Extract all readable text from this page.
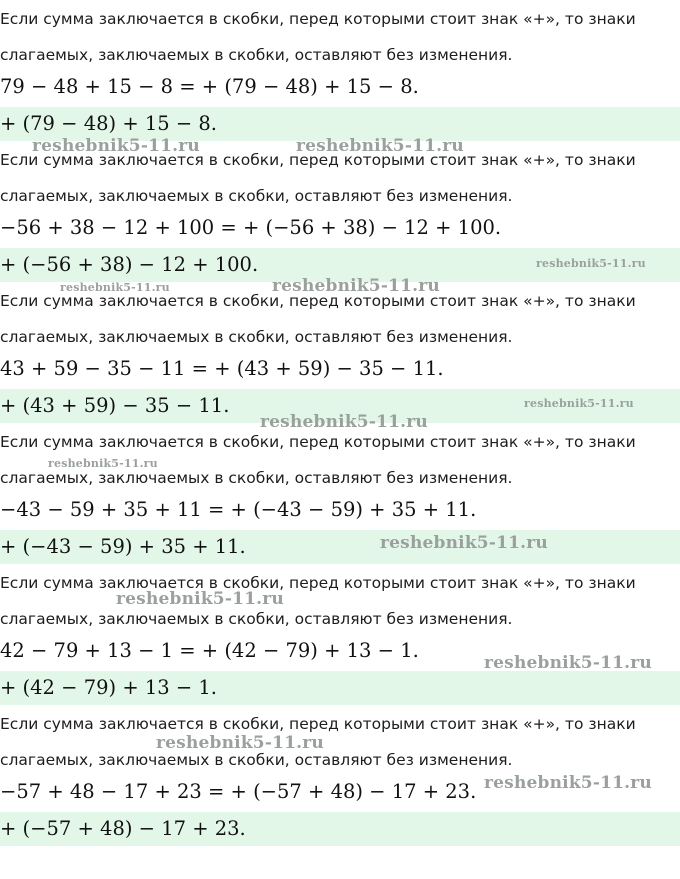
Если сумма заключается в скобки, перед которыми стоит знак «+», то знаки
слагаемых, заключаемых в скобки, оставляют без изменения.
79 − 48 + 15 − 8 = + (79 − 48) + 15 − 8.
+ (79 − 48) + 15 − 8.
Если сумма заключается в скобки, перед которыми стоит знак «+», то знаки
слагаемых, заключаемых в скобки, оставляют без изменения.
−56 + 38 − 12 + 100 = + (−56 + 38) − 12 + 100.
+ (−56 + 38) − 12 + 100.
Если сумма заключается в скобки, перед которыми стоит знак «+», то знаки
слагаемых, заключаемых в скобки, оставляют без изменения.
43 + 59 − 35 − 11 = + (43 + 59) − 35 − 11.
+ (43 + 59) − 35 − 11.
Если сумма заключается в скобки, перед которыми стоит знак «+», то знаки
слагаемых, заключаемых в скобки, оставляют без изменения.
−43 − 59 + 35 + 11 = + (−43 − 59) + 35 + 11.
+ (−43 − 59) + 35 + 11.
Если сумма заключается в скобки, перед которыми стоит знак «+», то знаки
слагаемых, заключаемых в скобки, оставляют без изменения.
42 − 79 + 13 − 1 = + (42 − 79) + 13 − 1.
+ (42 − 79) + 13 − 1.
Если сумма заключается в скобки, перед которыми стоит знак «+», то знаки
слагаемых, заключаемых в скобки, оставляют без изменения.
−57 + 48 − 17 + 23 = + (−57 + 48) − 17 + 23.
+ (−57 + 48) − 17 + 23.
reshebnik5-11.ru	reshebnik5-11.ru
reshebnik5-11.ru
reshebnik5-11.ru	reshebnik5-11.ru
reshebnik5-11.ru
reshebnik5-11.ru
reshebnik5-11.ru
reshebnik5-11.ru
reshebnik5-11.ru
reshebnik5-11.ru
reshebnik5-11.ru
reshebnik5-11.ru
